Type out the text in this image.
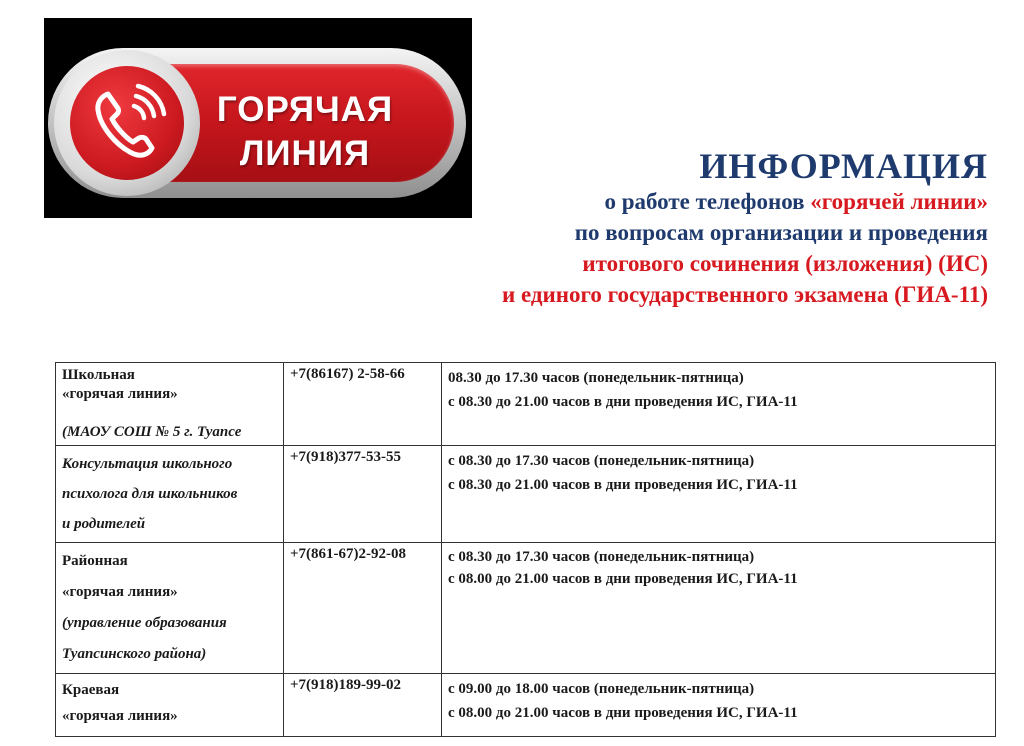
ГОРЯЧАЯ
ЛИНИЯ	ИНФОРМАЦИЯ
о работе телефонов «горячей линии»
по вопросам организации и проведения
итогового сочинения (изложения) (ИС)
и единого государственного экзамена (ГИА-11)
Школьная
«горячая линия»

(МАОУ СОШ № 5 г. Туапсе	+7(86167) 2-58-66	08.30 до 17.30 часов (понедельник-пятница)
с 08.30 до 21.00 часов в дни проведения ИС, ГИА-11

Консультация школьного
психолога для школьников
и родителей	+7(918)377-53-55	с 08.30 до 17.30 часов (понедельник-пятница)
с 08.30 до 21.00 часов в дни проведения ИС, ГИА-11

Районная
«горячая линия»
(управление образования
Туапсинского района)	+7(861-67)2-92-08	с 08.30 до 17.30 часов (понедельник-пятница)
с 08.00 до 21.00 часов в дни проведения ИС, ГИА-11

Краевая
«горячая линия»	+7(918)189-99-02	с 09.00 до 18.00 часов (понедельник-пятница)
с 08.00 до 21.00 часов в дни проведения ИС, ГИА-11
